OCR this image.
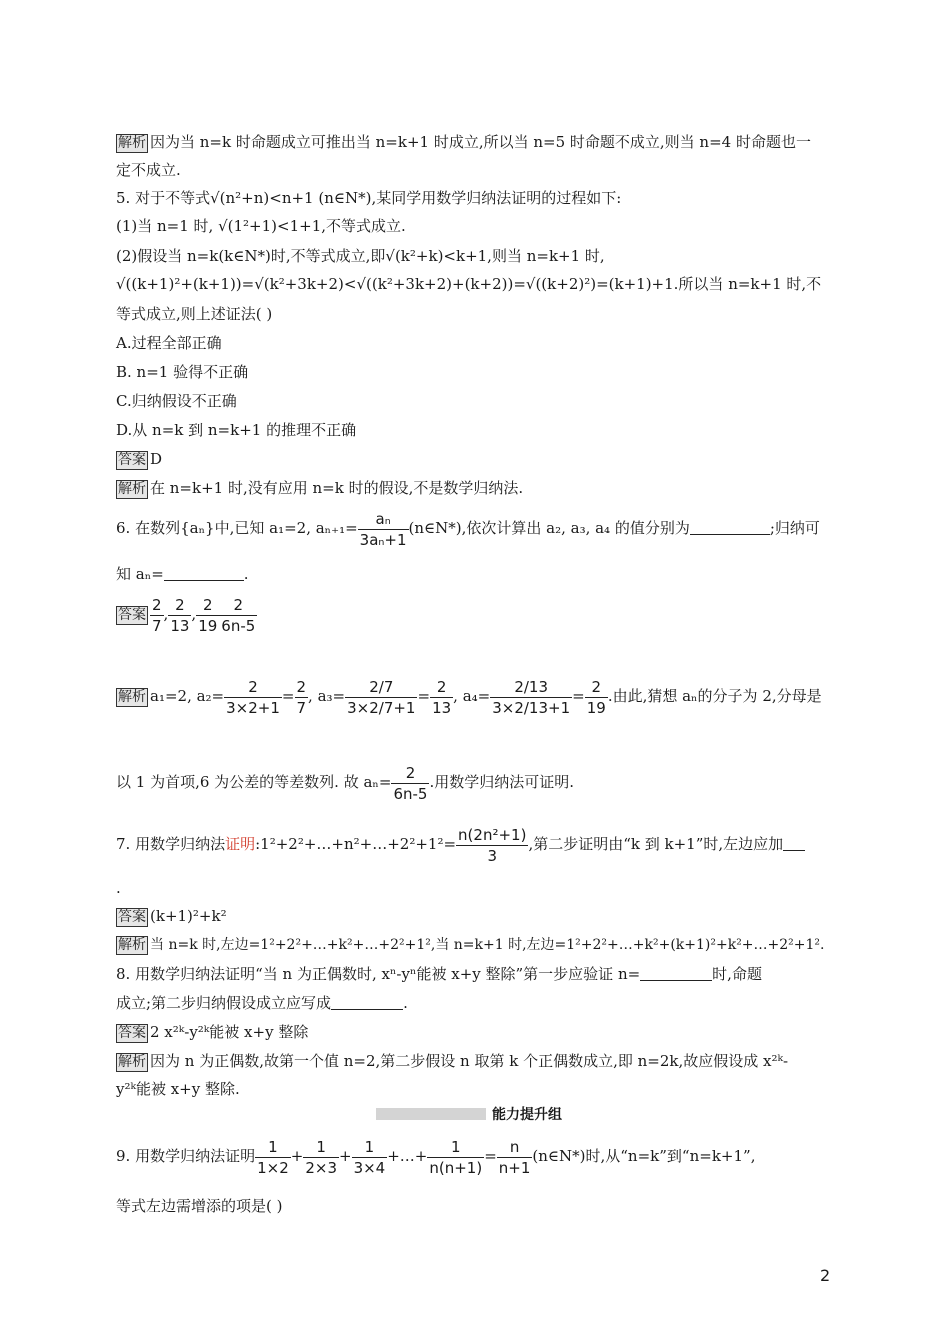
解析 因为当 n=k 时命题成立可推出当 n=k+1 时成立,所以当 n=5 时命题不成立,则当 n=4 时命题也一
定不成立.
5. 对于不等式√(n²+n)<n+1 (n∈N*),某同学用数学归纳法证明的过程如下:
(1)当 n=1 时, √(1²+1)<1+1,不等式成立.
(2)假设当 n=k(k∈N*)时,不等式成立,即√(k²+k)<k+1,则当 n=k+1 时,
√((k+1)²+(k+1))=√(k²+3k+2)<√((k²+3k+2)+(k+2))=√((k+2)²)=(k+1)+1.所以当 n=k+1 时,不
等式成立,则上述证法( )
A.过程全部正确
B. n=1 验得不正确
C.归纳假设不正确
D.从 n=k 到 n=k+1 的推理不正确
答案 D
解析 在 n=k+1 时,没有应用 n=k 时的假设,不是数学归纳法.
6. 在数列{aₙ}中,已知 a₁=2, $a_{n+1}= \frac{\text{aₙ}}{\text{3aₙ+1}}$ (n∈N*),依次计算出 a₂, a₃, a₄ 的值分别为	;归纳可
知 aₙ=	.
答案 $\frac{2}{7}$ , $\frac{2}{13}$ , $\frac{2}{19} \frac{2}{6n-5}$
解析 a₁=2, $a_2= \frac{2}{3\times 2+1} = \frac{2}{7}$ , $a_3= \frac{2/7}{3\times 2/7+1} = \frac{2}{13}$ , $a_4= \frac{2/13}{3\times 2/13+1} = \frac{2}{19}$ .由此,猜想 aₙ的分子为 2,分母是
以 1 为首项,6 为公差的等差数列. 故 $a_n= \frac{2}{6n-5}$ .用数学归纳法可证明.
7. 用数学归纳法证明:1²+2²+…+n²+…+2²+1²= $\frac{\text{n(2n²+1)}}{3}$ ,第二步证明由“k 到 k+1”时,左边应加
.
答案 (k+1)²+k²
解析 当 n=k 时,左边=1²+2²+…+k²+…+2²+1²,当 n=k+1 时,左边=1²+2²+…+k²+(k+1)²+k²+…+2²+1².
8. 用数学归纳法证明“当 n 为正偶数时, xⁿ-yⁿ能被 x+y 整除”第一步应验证 n=	时,命题
成立;第二步归纳假设成立应写成	.
答案 2 x²ᵏ-y²ᵏ能被 x+y 整除
解析 因为 n 为正偶数,故第一个值 n=2,第二步假设 n 取第 k 个正偶数成立,即 n=2k,故应假设成 x²ᵏ-
y²ᵏ能被 x+y 整除.
能力提升组
9. 用数学归纳法证明 $\frac{1}{1\times 2} + \frac{1}{2\times 3} + \frac{1}{3\times 4}$ +…+ $\frac{1}{n(n+1)} = \frac{n}{n+1}$ (n∈N*)时,从“n=k”到“n=k+1”,
等式左边需增添的项是( )
2
